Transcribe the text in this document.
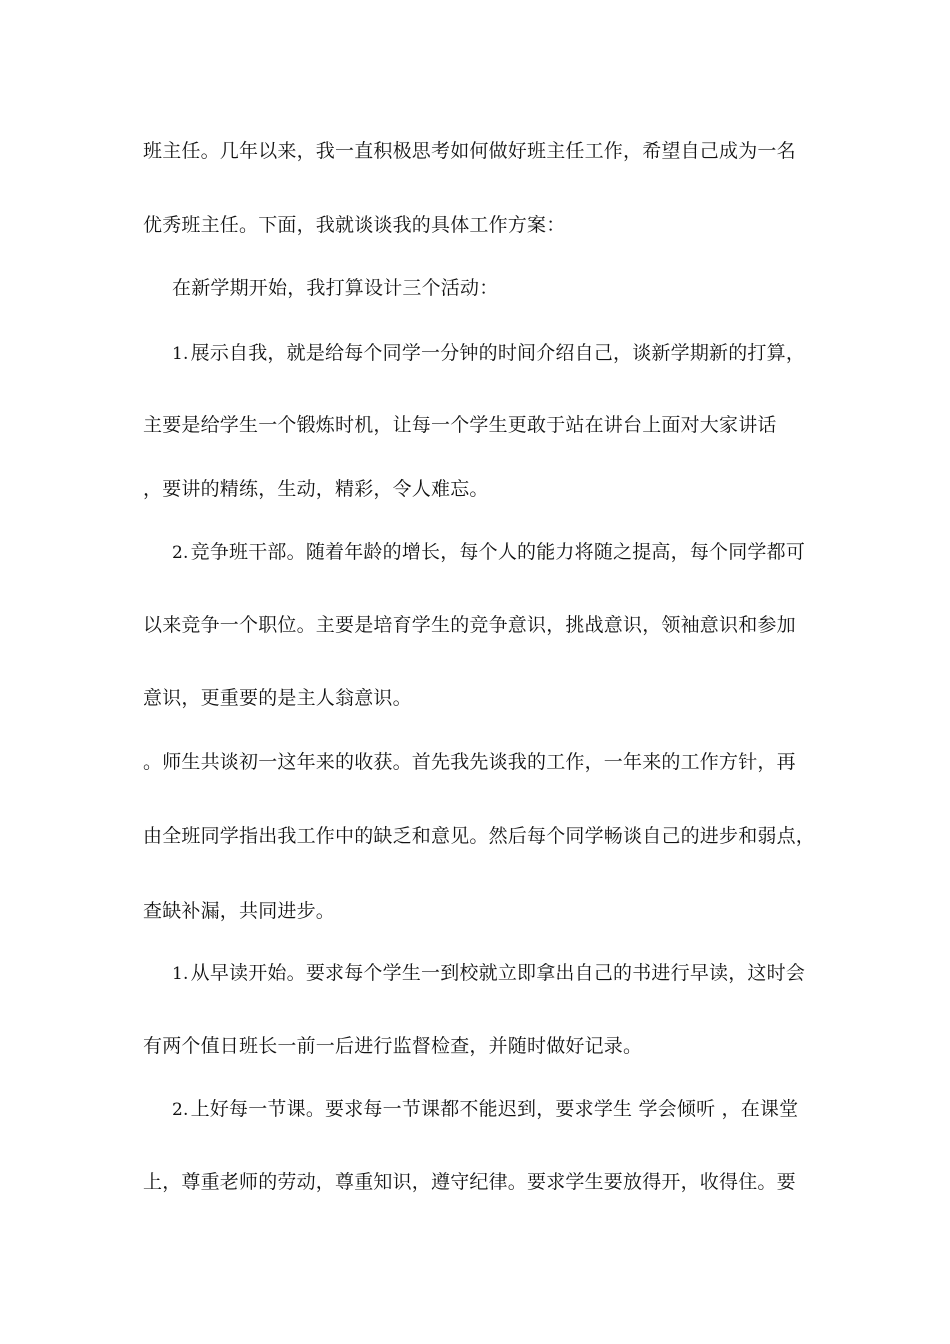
班主任。几年以来，我一直积极思考如何做好班主任工作，希望自己成为一名
优秀班主任。下面，我就谈谈我的具体工作方案：
在新学期开始，我打算设计三个活动：
1. 展示自我，就是给每个同学一分钟的时间介绍自己，谈新学期新的打算，
主要是给学生一个锻炼时机，让每一个学生更敢于站在讲台上面对大家讲话
，要讲的精练，生动，精彩，令人难忘。
2. 竞争班干部。随着年龄的增长，每个人的能力将随之提高，每个同学都可
以来竞争一个职位。主要是培育学生的竞争意识，挑战意识，领袖意识和参加
意识，更重要的是主人翁意识。
。师生共谈初一这年来的收获。首先我先谈我的工作，一年来的工作方针，再
由全班同学指出我工作中的缺乏和意见。然后每个同学畅谈自己的进步和弱点，
查缺补漏，共同进步。
1. 从早读开始。要求每个学生一到校就立即拿出自己的书进行早读，这时会
有两个值日班长一前一后进行监督检查，并随时做好记录。
2. 上好每一节课。要求每一节课都不能迟到，要求学生 学会倾听 ，在课堂
上，尊重老师的劳动，尊重知识，遵守纪律。要求学生要放得开，收得住。要
